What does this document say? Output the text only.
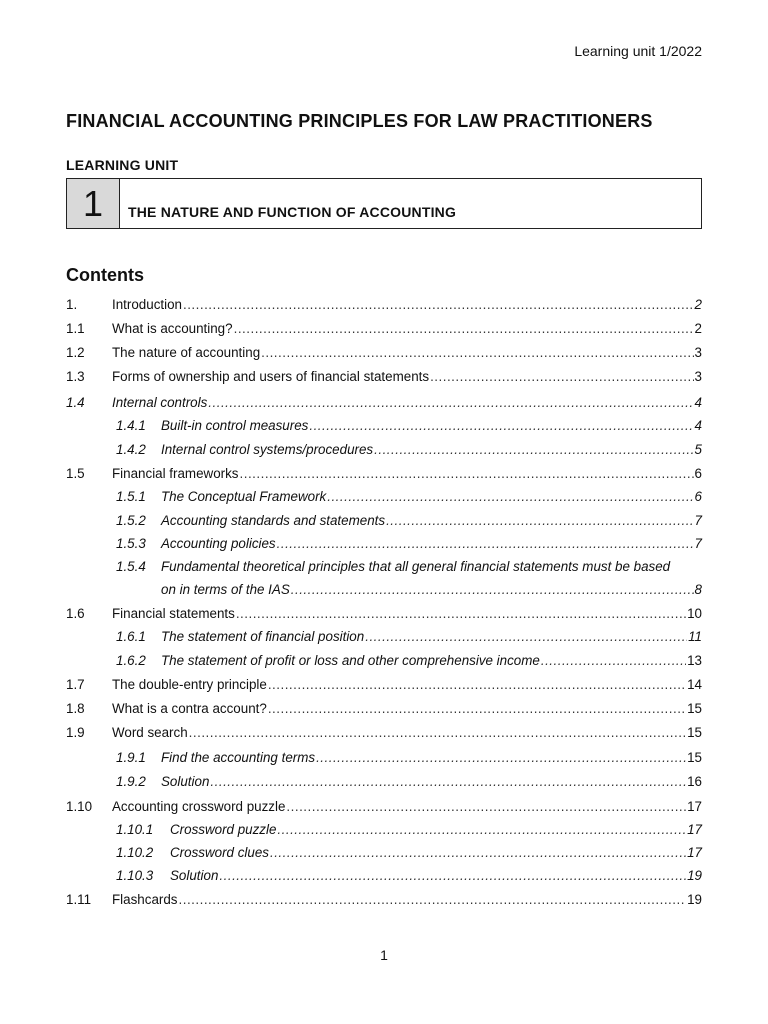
Learning unit 1/2022
FINANCIAL ACCOUNTING PRINCIPLES FOR LAW PRACTITIONERS
LEARNING UNIT
1	THE NATURE AND FUNCTION OF ACCOUNTING
Contents
1.	Introduction .....	2
1.1	What is accounting? .....	2
1.2	The nature of accounting .....	3
1.3	Forms of ownership and users of financial statements .....	3
1.4	Internal controls .....	4
1.4.1	Built-in control measures .....	4
1.4.2	Internal control systems/procedures .....	5
1.5	Financial frameworks .....	6
1.5.1	The Conceptual Framework .....	6
1.5.2	Accounting standards and statements .....	7
1.5.3	Accounting policies .....	7
1.5.4	Fundamental theoretical principles that all general financial statements must be based
on in terms of the IAS .....	8
1.6	Financial statements .....	10
1.6.1	The statement of financial position .....	11
1.6.2	The statement of profit or loss and other comprehensive income .....	13
1.7	The double-entry principle .....	14
1.8	What is a contra account? .....	15
1.9	Word search .....	15
1.9.1	Find the accounting terms .....	15
1.9.2	Solution .....	16
1.10	Accounting crossword puzzle .....	17
1.10.1	Crossword puzzle .....	17
1.10.2	Crossword clues .....	17
1.10.3	Solution .....	19
1.11	Flashcards .....	19
1
